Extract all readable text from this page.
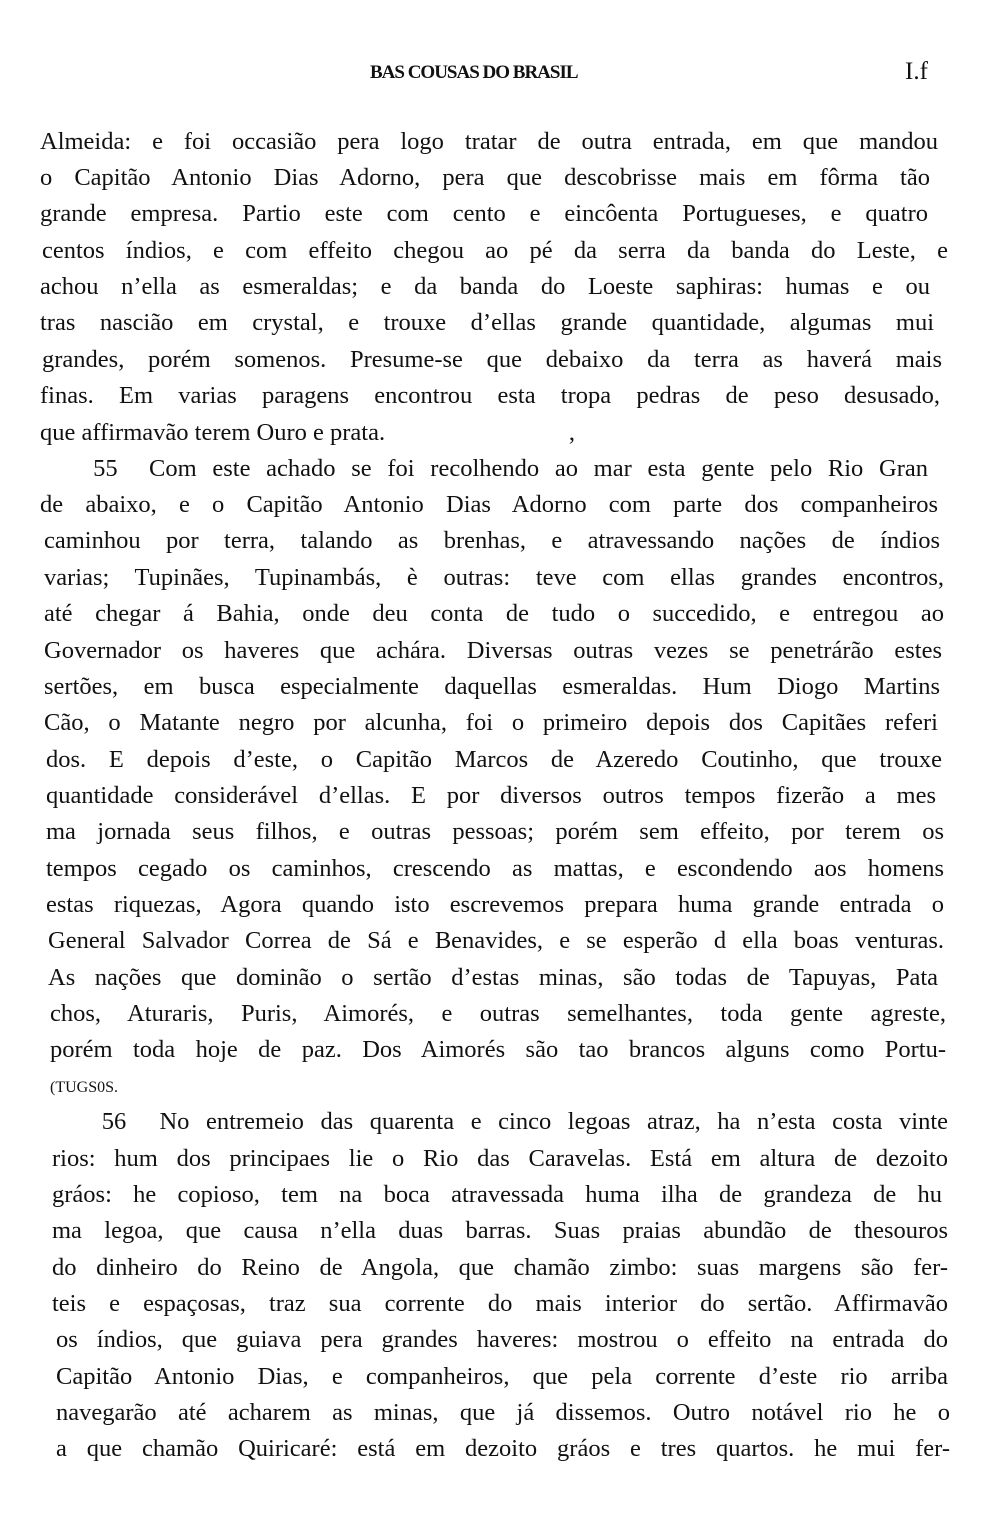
BAS COUSAS DO BRASIL	I.f
Almeida: e foi occasião pera logo tratar de outra entrada, em que mandou
o Capitão Antonio Dias Adorno, pera que descobrisse mais em fôrma tão
grande empresa. Partio este com cento e eincôenta Portugueses, e quatro
centos índios, e com effeito chegou ao pé da serra da banda do Leste, e
achou n’ella as esmeraldas; e da banda do Loeste saphiras: humas e ou
tras nascião em crystal, e trouxe d’ellas grande quantidade, algumas mui
grandes, porém somenos. Presume-se que debaixo da terra as haverá mais
finas. Em varias paragens encontrou esta tropa pedras de peso desusado,
que affirmavão terem Ouro e prata.                              ,
55  Com este achado se foi recolhendo ao mar esta gente pelo Rio Gran
de abaixo, e o Capitão Antonio Dias Adorno com parte dos companheiros
caminhou por terra, talando as brenhas, e atravessando nações de índios
varias; Tupinães, Tupinambás, è outras: teve com ellas grandes encontros,
até chegar á Bahia, onde deu conta de tudo o succedido, e entregou ao
Governador os haveres que achára. Diversas outras vezes se penetrárão estes
sertões, em busca especialmente daquellas esmeraldas. Hum Diogo Martins
Cão, o Matante negro por alcunha, foi o primeiro depois dos Capitães referi
dos. E depois d’este, o Capitão Marcos de Azeredo Coutinho, que trouxe
quantidade considerável d’ellas. E por diversos outros tempos fizerão a mes
ma jornada seus filhos, e outras pessoas; porém sem effeito, por terem os
tempos cegado os caminhos, crescendo as mattas, e escondendo aos homens
estas riquezas, Agora quando isto escrevemos prepara huma grande entrada o
General Salvador Correa de Sá e Benavides, e se esperão d ella boas venturas.
As nações que dominão o sertão d’estas minas, são todas de Tapuyas, Pata
chos, Aturaris, Puris, Aimorés, e outras semelhantes, toda gente agreste,
porém toda hoje de paz. Dos Aimorés são tao brancos alguns como Portu-
(TUGS0S.
56  No entremeio das quarenta e cinco legoas atraz, ha n’esta costa vinte
rios: hum dos principaes lie o Rio das Caravelas. Está em altura de dezoito
gráos: he copioso, tem na boca atravessada huma ilha de grandeza de hu
ma legoa, que causa n’ella duas barras. Suas praias abundão de thesouros
do dinheiro do Reino de Angola, que chamão zimbo: suas margens são fer-
teis e espaçosas, traz sua corrente do mais interior do sertão. Affirmavão
os índios, que guiava pera grandes haveres: mostrou o effeito na entrada do
Capitão Antonio Dias, e companheiros, que pela corrente d’este rio arriba
navegarão até acharem as minas, que já dissemos. Outro notável rio he o
a que chamão Quiricaré: está em dezoito gráos e tres quartos. he mui fer-
